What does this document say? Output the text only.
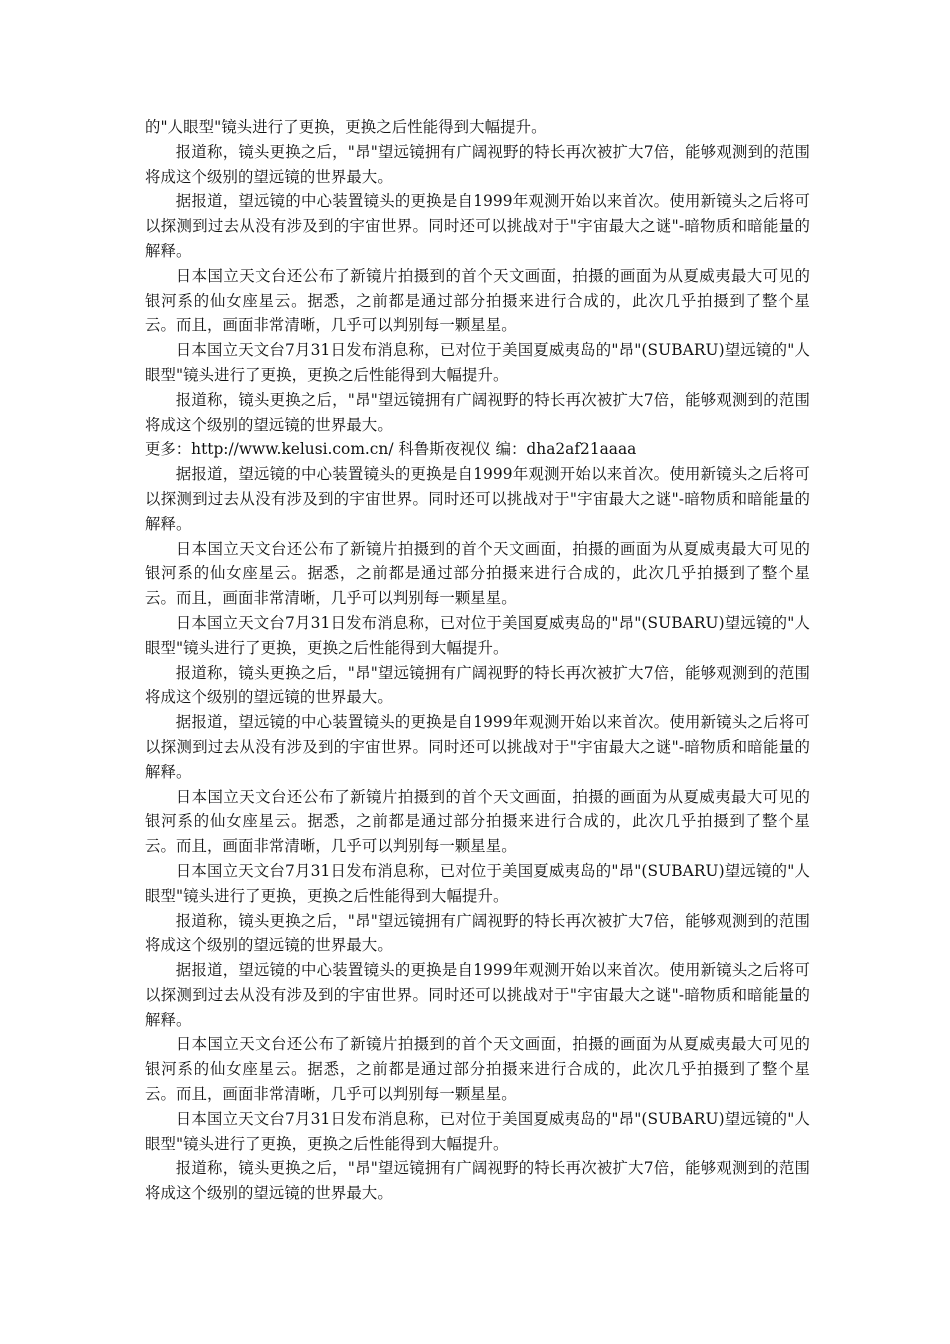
的"人眼型"镜头进行了更换，更换之后性能得到大幅提升。

报道称，镜头更换之后，"昂"望远镜拥有广阔视野的特长再次被扩大7倍，能够观测到的范围将成这个级别的望远镜的世界最大。

据报道，望远镜的中心装置镜头的更换是自1999年观测开始以来首次。使用新镜头之后将可以探测到过去从没有涉及到的宇宙世界。同时还可以挑战对于"宇宙最大之谜"-暗物质和暗能量的解释。

日本国立天文台还公布了新镜片拍摄到的首个天文画面，拍摄的画面为从夏威夷最大可见的银河系的仙女座星云。据悉，之前都是通过部分拍摄来进行合成的，此次几乎拍摄到了整个星云。而且，画面非常清晰，几乎可以判别每一颗星星。

日本国立天文台7月31日发布消息称，已对位于美国夏威夷岛的"昂"(SUBARU)望远镜的"人眼型"镜头进行了更换，更换之后性能得到大幅提升。

报道称，镜头更换之后，"昂"望远镜拥有广阔视野的特长再次被扩大7倍，能够观测到的范围将成这个级别的望远镜的世界最大。

更多：http://www.kelusi.com.cn/ 科鲁斯夜视仪 编：dha2af21aaaa

据报道，望远镜的中心装置镜头的更换是自1999年观测开始以来首次。使用新镜头之后将可以探测到过去从没有涉及到的宇宙世界。同时还可以挑战对于"宇宙最大之谜"-暗物质和暗能量的解释。

日本国立天文台还公布了新镜片拍摄到的首个天文画面，拍摄的画面为从夏威夷最大可见的银河系的仙女座星云。据悉，之前都是通过部分拍摄来进行合成的，此次几乎拍摄到了整个星云。而且，画面非常清晰，几乎可以判别每一颗星星。

日本国立天文台7月31日发布消息称，已对位于美国夏威夷岛的"昂"(SUBARU)望远镜的"人眼型"镜头进行了更换，更换之后性能得到大幅提升。

报道称，镜头更换之后，"昂"望远镜拥有广阔视野的特长再次被扩大7倍，能够观测到的范围将成这个级别的望远镜的世界最大。

据报道，望远镜的中心装置镜头的更换是自1999年观测开始以来首次。使用新镜头之后将可以探测到过去从没有涉及到的宇宙世界。同时还可以挑战对于"宇宙最大之谜"-暗物质和暗能量的解释。

日本国立天文台还公布了新镜片拍摄到的首个天文画面，拍摄的画面为从夏威夷最大可见的银河系的仙女座星云。据悉，之前都是通过部分拍摄来进行合成的，此次几乎拍摄到了整个星云。而且，画面非常清晰，几乎可以判别每一颗星星。

日本国立天文台7月31日发布消息称，已对位于美国夏威夷岛的"昂"(SUBARU)望远镜的"人眼型"镜头进行了更换，更换之后性能得到大幅提升。

报道称，镜头更换之后，"昂"望远镜拥有广阔视野的特长再次被扩大7倍，能够观测到的范围将成这个级别的望远镜的世界最大。

据报道，望远镜的中心装置镜头的更换是自1999年观测开始以来首次。使用新镜头之后将可以探测到过去从没有涉及到的宇宙世界。同时还可以挑战对于"宇宙最大之谜"-暗物质和暗能量的解释。

日本国立天文台还公布了新镜片拍摄到的首个天文画面，拍摄的画面为从夏威夷最大可见的银河系的仙女座星云。据悉，之前都是通过部分拍摄来进行合成的，此次几乎拍摄到了整个星云。而且，画面非常清晰，几乎可以判别每一颗星星。

日本国立天文台7月31日发布消息称，已对位于美国夏威夷岛的"昂"(SUBARU)望远镜的"人眼型"镜头进行了更换，更换之后性能得到大幅提升。

报道称，镜头更换之后，"昂"望远镜拥有广阔视野的特长再次被扩大7倍，能够观测到的范围将成这个级别的望远镜的世界最大。
